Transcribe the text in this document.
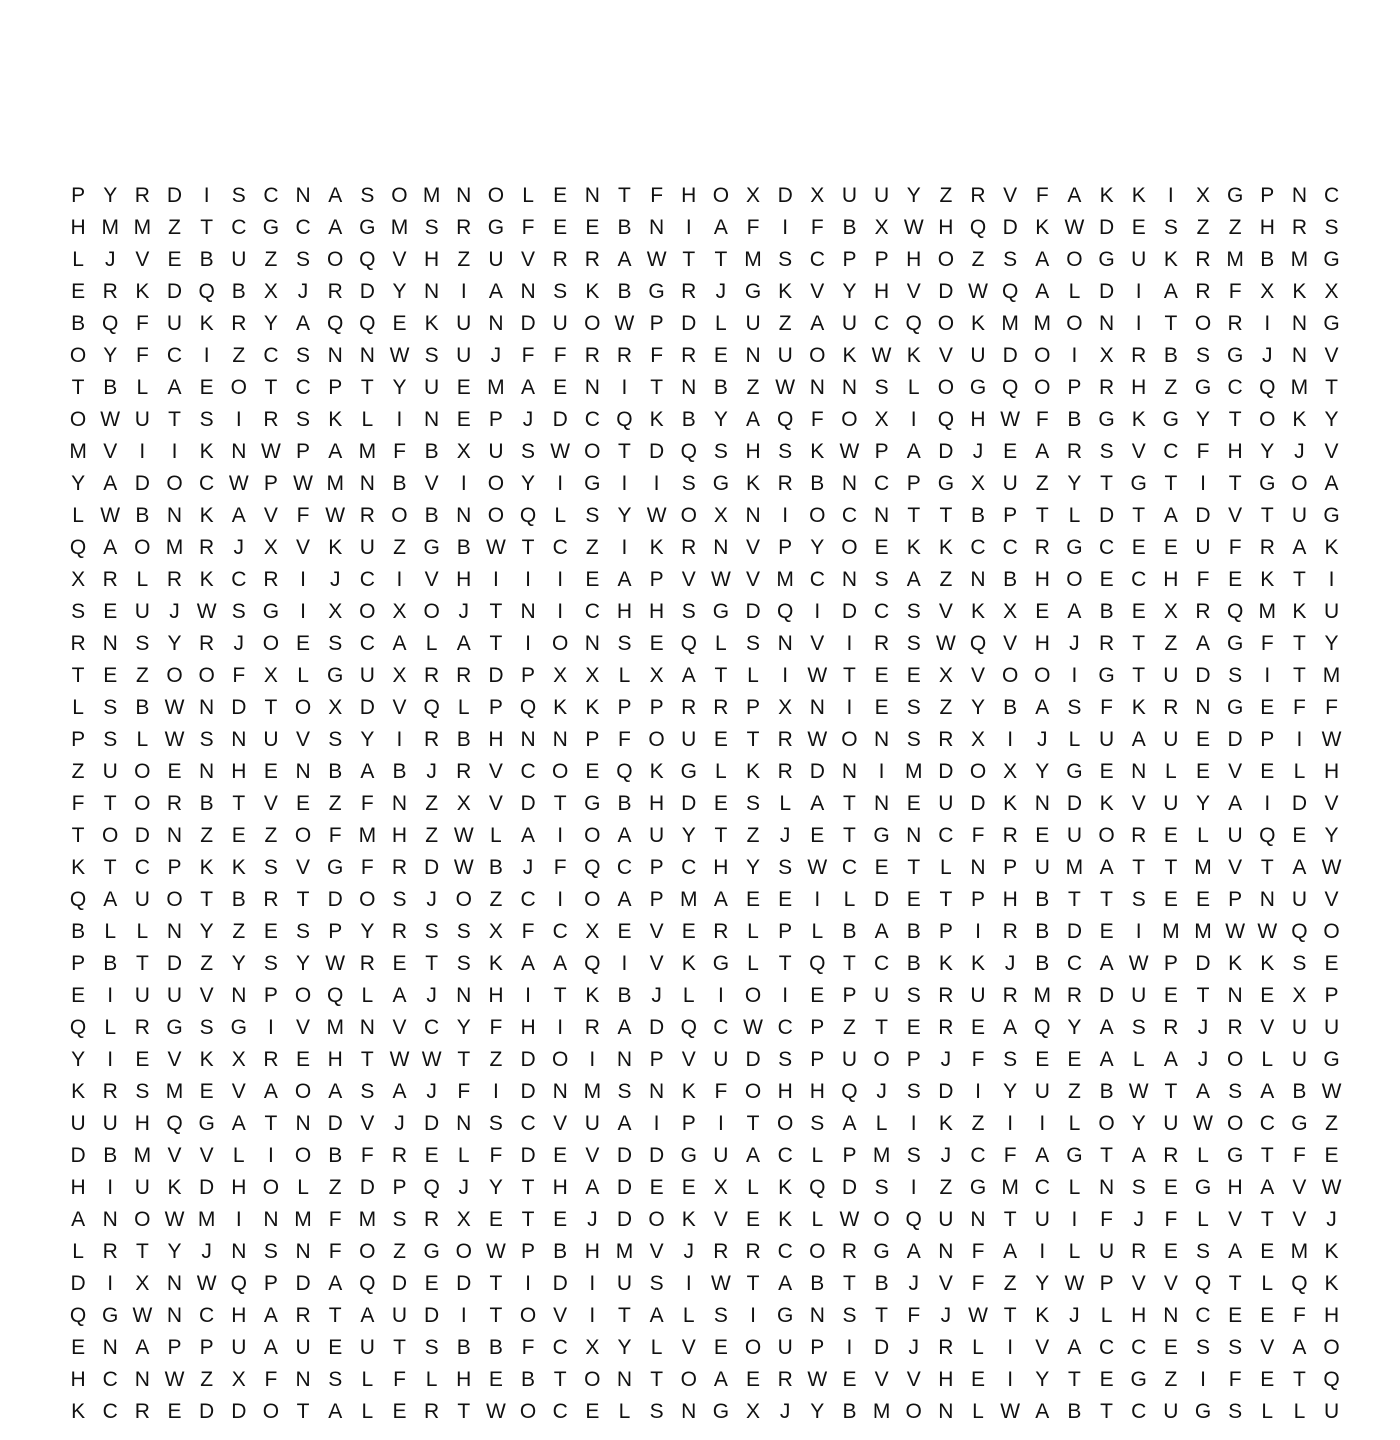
P Y R D	I	S C N A S O M N O L E N T F H O X D X U U Y Z R V F A K K	I	X G P N C
H M M Z T C G C A G M S R G F E E B N	I	A F	I	F B X W H Q D K W D E S Z Z H R S
L	J V E B U Z S O Q V H Z U V R R A W T T M S C P P H O Z S A O G U K R M B M G
E R K D Q B X J R D Y N	I	A N S K B G R J G K V Y H V D W Q A L D	I	A R F X K X
B Q F U K R Y A Q Q E K U N D U O W P D L U Z A U C Q O K M M O N	I	T O R	I	N G
O Y F C	I	Z C S N N W S U J F F R R F R E N U O K W K V U D O	I	X R B S G J N V
T B L A E O T C P T Y U E M A E N	I	T N B Z W N N S L O G Q O P R H Z G C Q M T
O W U T S	I	R S K L	I	N E P J D C Q K B Y A Q F O X	I	Q H W F B G K G Y T O K Y
M V	I	I	K N W P A M F B X U S W O T D Q S H S K W P A D J E A R S V C F H Y J V
Y A D O C W P W M N B V	I	O Y	I	G	I	I	S G K R B N C P G X U Z Y T G T	I	T G O A
L W B N K A V F W R O B N O Q L S Y W O X N	I	O C N T T B P T L D T A D V T U G
Q A O M R J X V K U Z G B W T C Z	I	K R N V P Y O E K K C C R G C E E U F R A K
X R L R K C R	I	J C	I	V H	I	I	I	E A P V W V M C N S A Z N B H O E C H F E K T	I
S E U J W S G	I	X O X O J T N	I	C H H S G D Q	I	D C S V K X E A B E X R Q M K U
R N S Y R J O E S C A L A T	I	O N S E Q L S N V	I	R S W Q V H J R T Z A G F T Y
T E Z O O F X L G U X R R D P X X L X A T L	I W T E E X V O O	I	G T U D S	I	T M
L S B W N D T O X D V Q L P Q K K P P R R P X N	I	E S Z Y B A S F K R N G E F F
P S L W S N U V S Y	I	R B H N N P F O U E T R W O N S R X	I	J	L U A U E D P	I W
Z U O E N H E N B A B J R V C O E Q K G L K R D N	I M D O X Y G E N L E V E L H
F T O R B T V E Z F N Z X V D T G B H D E S L A T N E U D K N D K V U Y A	I	D V
T O D N Z E Z O F M H Z W L A	I	O A U Y T Z J E T G N C F R E U O R E L U Q E Y
K T C P K K S V G F R D W B J F Q C P C H Y S W C E T L N P U M A T T M V T A W
Q A U O T B R T D O S J O Z C	I	O A P M A E E	I	L D E T P H B T T S E E P N U V
B L L N Y Z E S P Y R S S X F C X E V E R L P L B A B P	I	R B D E	I M M W W Q O
P B T D Z Y S Y W R E T S K A A Q	I	V K G L T Q T C B K K J B C A W P D K K S E
E	I	U U V N P O Q L A J N H	I	T K B J	L	I	O	I	E P U S R U R M R D U E T N E X P
Q L R G S G	I	V M N V C Y F H	I	R A D Q C W C P Z T E R E A Q Y A S R J R V U U
Y	I	E V K X R E H T W W T Z D O	I	N P V U D S P U O P J F S E E A L A J O L U G
K R S M E V A O A S A J F	I	D N M S N K F O H H Q J S D	I	Y U Z B W T A S A B W
U U H Q G A T N D V J D N S C V U A	I	P	I	T O S A L	I	K Z	I	I	L O Y U W O C G Z
D B M V V L	I	O B F R E L F D E V D D G U A C L P M S J C F A G T A R L G T F E
H	I	U K D H O L Z D P Q J Y T H A D E E X L K Q D S	I	Z G M C L N S E G H A V W
A N O W M I	N M F M S R X E T E J D O K V E K L W O Q U N T U	I	F J F L V T V J
L R T Y J N S N F O Z G O W P B H M V J R R C O R G A N F A	I	L U R E S A E M K
D	I	X N W Q P D A Q D E D T	I	D	I	U S	I W T A B T B J V F Z Y W P V V Q T L Q K
Q G W N C H A R T A U D	I	T O V	I	T A L S	I	G N S T F J W T K J	L H N C E E F H
E N A P P U A U E U T S B B F C X Y L V E O U P	I	D J R L	I	V A C C E S S V A O
H C N W Z X F N S L F L H E B T O N T O A E R W E V V H E	I	Y T E G Z	I	F E T Q
K C R E D D O T A L E R T W O C E L S N G X J Y B M O N L W A B T C U G S L L U
